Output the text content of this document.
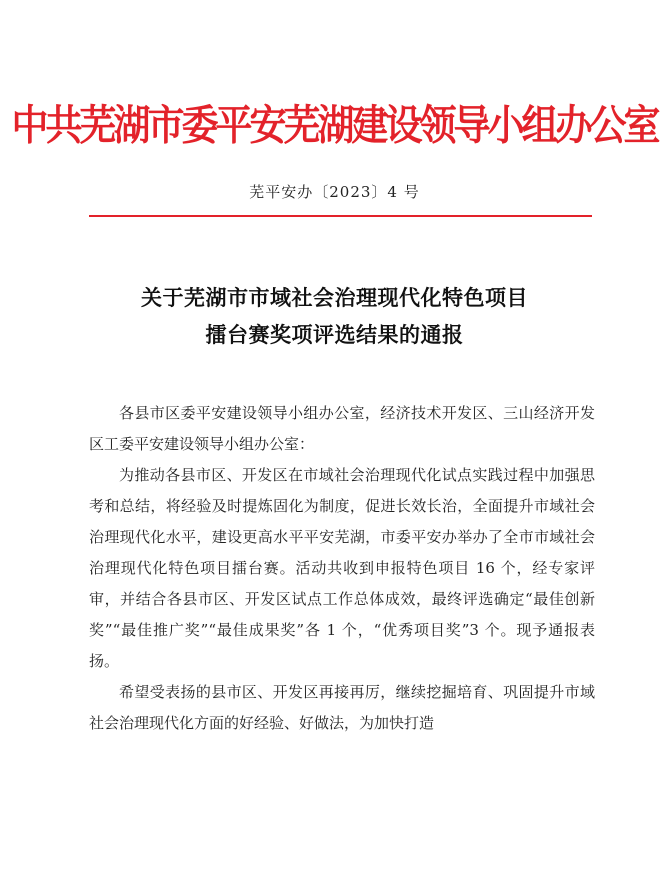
中共芜湖市委平安芜湖建设领导小组办公室
芜平安办〔2023〕4 号
关于芜湖市市域社会治理现代化特色项目
擂台赛奖项评选结果的通报

各县市区委平安建设领导小组办公室，经济技术开发区、三山经济开发区工委平安建设领导小组办公室：

为推动各县市区、开发区在市域社会治理现代化试点实践过程中加强思考和总结，将经验及时提炼固化为制度，促进长效长治，全面提升市域社会治理现代化水平，建设更高水平平安芜湖，市委平安办举办了全市市域社会治理现代化特色项目擂台赛。活动共收到申报特色项目 16 个，经专家评审，并结合各县市区、开发区试点工作总体成效，最终评选确定“最佳创新奖”“最佳推广奖”“最佳成果奖”各 1 个，“优秀项目奖”3 个。现予通报表扬。

希望受表扬的县市区、开发区再接再厉，继续挖掘培育、巩固提升市域社会治理现代化方面的好经验、好做法，为加快打造
